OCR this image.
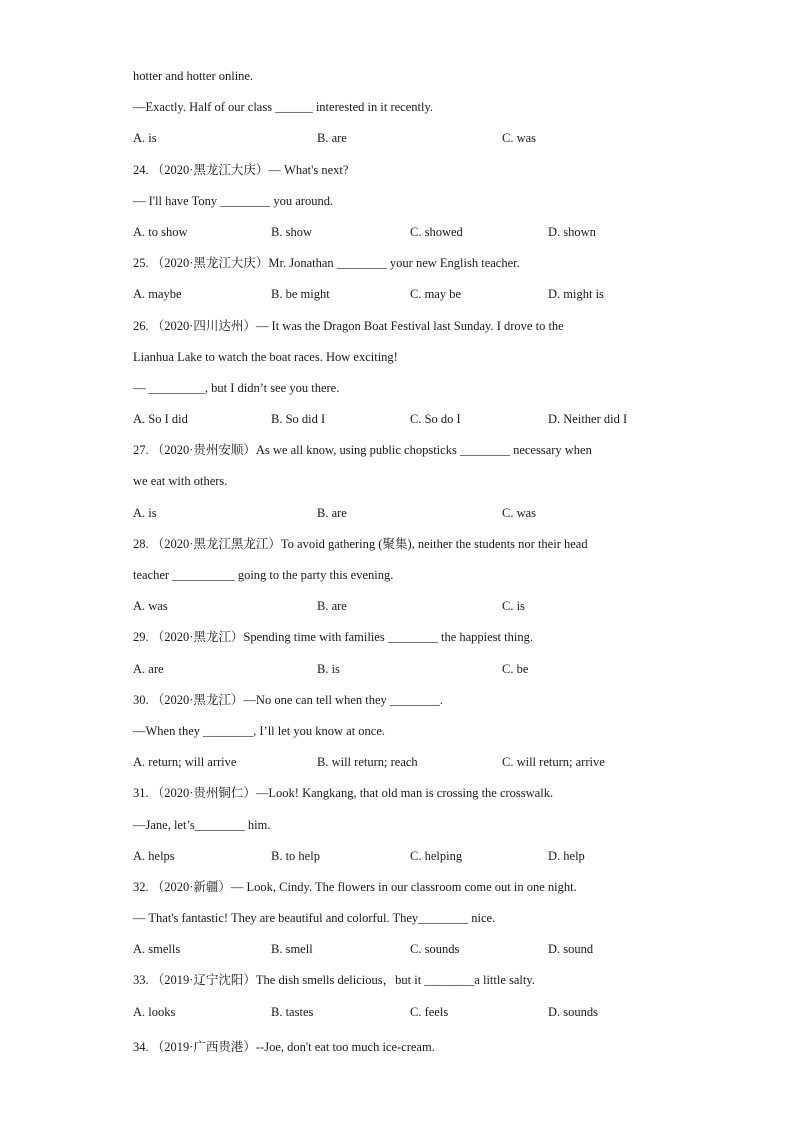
hotter and hotter online.
—Exactly. Half of our class ______ interested in it recently.
A. is	B. are	C. was
24. （2020·黑龙江大庆）— What's next?
— I'll have Tony ________ you around.
A. to show	B. show	C. showed	D. shown
25. （2020·黑龙江大庆）Mr. Jonathan ________ your new English teacher.
A. maybe	B. be might	C. may be	D. might is
26. （2020·四川达州）— It was the Dragon Boat Festival last Sunday. I drove to the
Lianhua Lake to watch the boat races. How exciting!
— _________, but I didn’t see you there.
A. So I did	B. So did I	C. So do I	D. Neither did I
27. （2020·贵州安顺）As we all know, using public chopsticks ________ necessary when
we eat with others.
A. is	B. are	C. was
28. （2020·黑龙江黑龙江）To avoid gathering (聚集), neither the students nor their head
teacher __________ going to the party this evening.
A. was	B. are	C. is
29. （2020·黑龙江）Spending time with families ________ the happiest thing.
A. are	B. is	C. be
30. （2020·黑龙江）—No one can tell when they ________.
—When they ________, I’ll let you know at once.
A. return; will arrive	B. will return; reach	C. will return; arrive
31. （2020·贵州铜仁）—Look! Kangkang, that old man is crossing the crosswalk.
—Jane, let’s________ him.
A. helps	B. to help	C. helping	D. help
32. （2020·新疆）— Look, Cindy. The flowers in our classroom come out in one night.
— That's fantastic! They are beautiful and colorful. They________ nice.
A. smells	B. smell	C. sounds	D. sound
33. （2019·辽宁沈阳）The dish smells delicious，but it ________a little salty.
A. looks	B. tastes	C. feels	D. sounds
34. （2019·广西贵港）--Joe, don't eat too much ice-cream.
